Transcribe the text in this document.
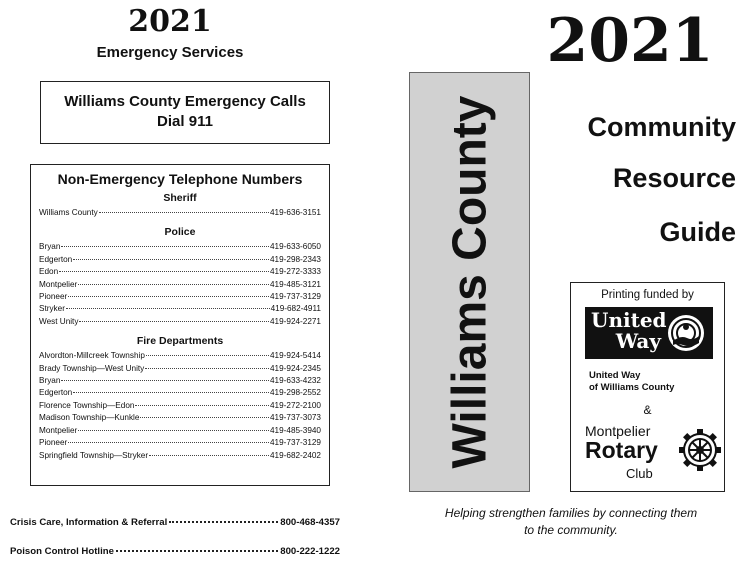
2021
Emergency Services
Williams County Emergency Calls
Dial 911
Non-Emergency Telephone Numbers
Sheriff
Williams County	419-636-3151
Police
Bryan	419-633-6050
Edgerton	419-298-2343
Edon	419-272-3333
Montpelier	419-485-3121
Pioneer	419-737-3129
Stryker	419-682-4911
West Unity	419-924-2271
Fire Departments
Alvordton-Millcreek Township	419-924-5414
Brady Township—West Unity	419-924-2345
Bryan	419-633-4232
Edgerton	419-298-2552
Florence Township—Edon	419-272-2100
Madison Township—Kunkle	419-737-3073
Montpelier	419-485-3940
Pioneer	419-737-3129
Springfield Township—Stryker	419-682-2402
Crisis Care, Information & Referral	800-468-4357
Poison Control Hotline	800-222-1222
Williams County
2021
Community
Resource
Guide
Printing funded by
United
Way
United Way
of Williams County
&
Montpelier
Rotary
Club
Helping strengthen families by connecting them
to the community.
